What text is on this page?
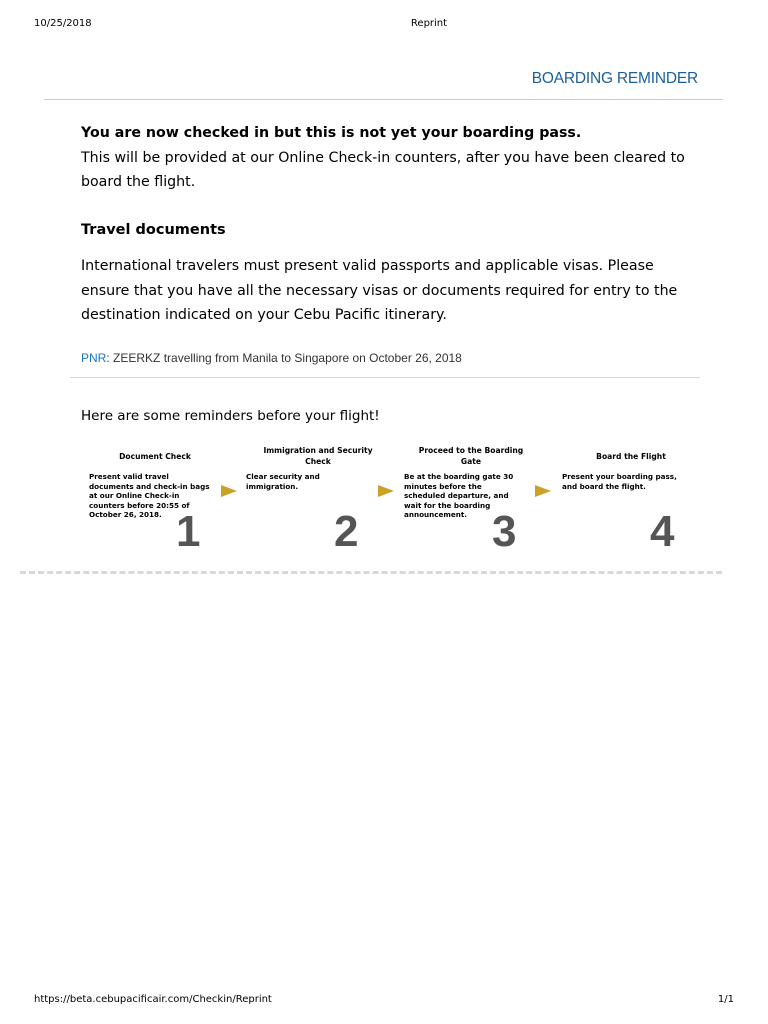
10/25/2018	Reprint
BOARDING REMINDER
You are now checked in but this is not yet your boarding pass.
This will be provided at our Online Check-in counters, after you have been cleared to board the flight.
Travel documents
International travelers must present valid passports and applicable visas. Please ensure that you have all the necessary visas or documents required for entry to the destination indicated on your Cebu Pacific itinerary.
PNR: ZEERKZ travelling from Manila to Singapore on October 26, 2018
Here are some reminders before your flight!
Document Check
Present valid travel documents and check-in bags at our Online Check-in counters before 20:55 of October 26, 2018. 1
Immigration and Security Check
Clear security and immigration.
2
Proceed to the Boarding Gate
Be at the boarding gate 30 minutes before the scheduled departure, and wait for the boarding announcement. 3
Board the Flight
Present your boarding pass, and board the flight.
4
https://beta.cebupacificair.com/Checkin/Reprint	1/1
